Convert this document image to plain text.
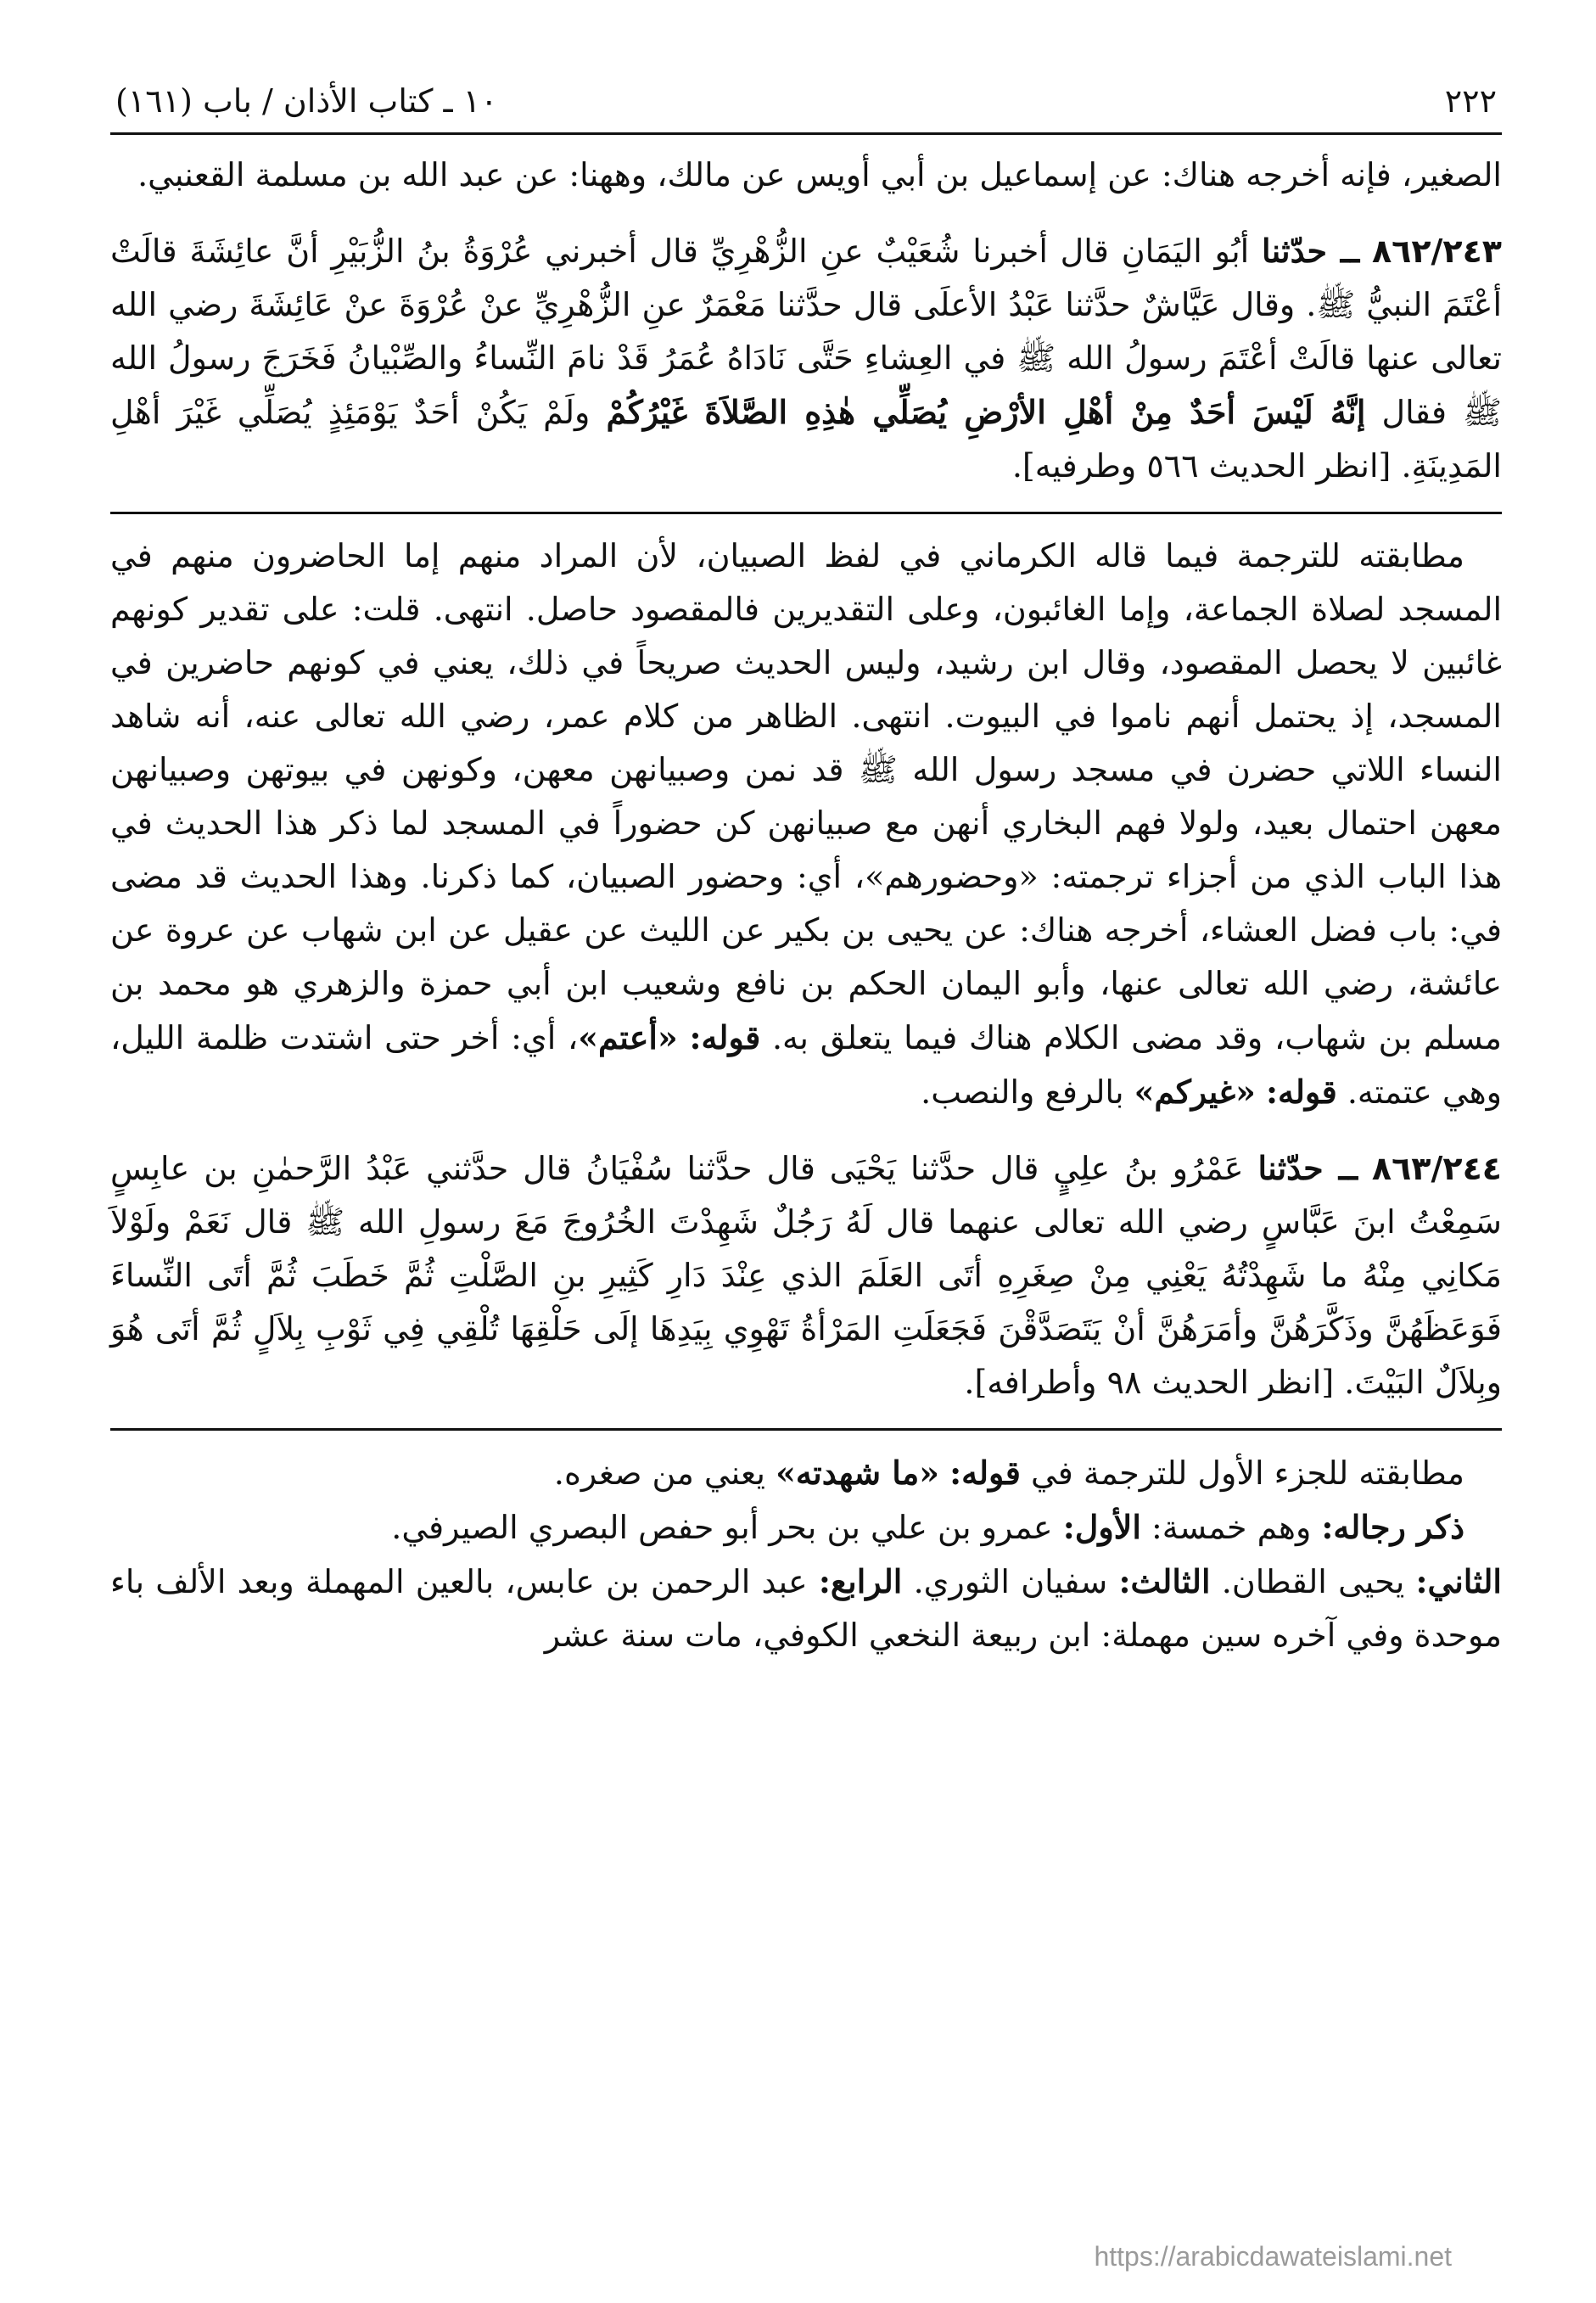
٢٢٢
١٠ ـ كتاب الأذان / باب (١٦١)

الصغير، فإنه أخرجه هناك: عن إسماعيل بن أبي أويس عن مالك، وههنا: عن عبد الله بن مسلمة القعنبي.

٨٦٢/٢٤٣ ــ حدّثنا أبُو اليَمَانِ قال أخبرنا شُعَيْبٌ عنِ الزُّهْرِيِّ قال أخبرني عُرْوَةُ بنُ الزُّبَيْرِ أنَّ عائِشَةَ قالَتْ أعْتَمَ النبيُّ ﷺ. وقال عَيَّاشٌ حدَّثنا عَبْدُ الأعلَى قال حدَّثنا مَعْمَرٌ عنِ الزُّهْرِيِّ عنْ عُرْوَةَ عنْ عَائِشَةَ رضي الله تعالى عنها قالَتْ أعْتَمَ رسولُ الله ﷺ في العِشاءِ حَتَّى نَادَاهُ عُمَرُ قَدْ نامَ النِّساءُ والصِّبْيانُ فَخَرَجَ رسولُ الله ﷺ فقال إنَّهُ لَيْسَ أحَدٌ مِنْ أهْلِ الأرْضِ يُصَلِّي هٰذِهِ الصَّلاَةَ غَيْرُكُمْ ولَمْ يَكُنْ أحَدٌ يَوْمَئِذٍ يُصَلِّي غَيْرَ أهْلِ المَدِينَةِ. [انظر الحديث ٥٦٦ وطرفيه].

مطابقته للترجمة فيما قاله الكرماني في لفظ الصبيان، لأن المراد منهم إما الحاضرون منهم في المسجد لصلاة الجماعة، وإما الغائبون، وعلى التقديرين فالمقصود حاصل. انتهى. قلت: على تقدير كونهم غائبين لا يحصل المقصود، وقال ابن رشيد، وليس الحديث صريحاً في ذلك، يعني في كونهم حاضرين في المسجد، إذ يحتمل أنهم ناموا في البيوت. انتهى. الظاهر من كلام عمر، رضي الله تعالى عنه، أنه شاهد النساء اللاتي حضرن في مسجد رسول الله ﷺ قد نمن وصبيانهن معهن، وكونهن في بيوتهن وصبيانهن معهن احتمال بعيد، ولولا فهم البخاري أنهن مع صبيانهن كن حضوراً في المسجد لما ذكر هذا الحديث في هذا الباب الذي من أجزاء ترجمته: «وحضورهم»، أي: وحضور الصبيان، كما ذكرنا. وهذا الحديث قد مضى في: باب فضل العشاء، أخرجه هناك: عن يحيى بن بكير عن الليث عن عقيل عن ابن شهاب عن عروة عن عائشة، رضي الله تعالى عنها، وأبو اليمان الحكم بن نافع وشعيب ابن أبي حمزة والزهري هو محمد بن مسلم بن شهاب، وقد مضى الكلام هناك فيما يتعلق به. قوله: «أعتم»، أي: أخر حتى اشتدت ظلمة الليل، وهي عتمته. قوله: «غيركم» بالرفع والنصب.

٨٦٣/٢٤٤ ــ حدّثنا عَمْرُو بنُ علِيٍ قال حدَّثنا يَحْيَى قال حدَّثنا سُفْيَانُ قال حدَّثني عَبْدُ الرَّحمٰنِ بن عابِسٍ سَمِعْتُ ابنَ عَبَّاسٍ رضي الله تعالى عنهما قال لَهُ رَجُلٌ شَهِدْتَ الخُرُوجَ مَعَ رسولِ الله ﷺ قال نَعَمْ ولَوْلاَ مَكانِي مِنْهُ ما شَهِدْتُهُ يَعْنِي مِنْ صِغَرِهِ أتَى العَلَمَ الذي عِنْدَ دَارِ كَثِيرِ بنِ الصَّلْتِ ثُمَّ خَطَبَ ثُمَّ أتَى النِّساءَ فَوَعَظَهُنَّ وذَكَّرَهُنَّ وأمَرَهُنَّ أنْ يَتَصَدَّقْنَ فَجَعَلَتِ المَرْأةُ تَهْوِي بِيَدِهَا إلَى حَلْقِهَا تُلْقِي فِي ثَوْبِ بِلاَلٍ ثُمَّ أتَى هُوَ وبِلاَلٌ البَيْتَ. [انظر الحديث ٩٨ وأطرافه].

مطابقته للجزء الأول للترجمة في قوله: «ما شهدته» يعني من صغره.

ذكر رجاله: وهم خمسة: الأول: عمرو بن علي بن بحر أبو حفص البصري الصيرفي.

الثاني: يحيى القطان. الثالث: سفيان الثوري. الرابع: عبد الرحمن بن عابس، بالعين المهملة وبعد الألف باء موحدة وفي آخره سين مهملة: ابن ربيعة النخعي الكوفي، مات سنة عشر

https://arabicdawateislami.net
